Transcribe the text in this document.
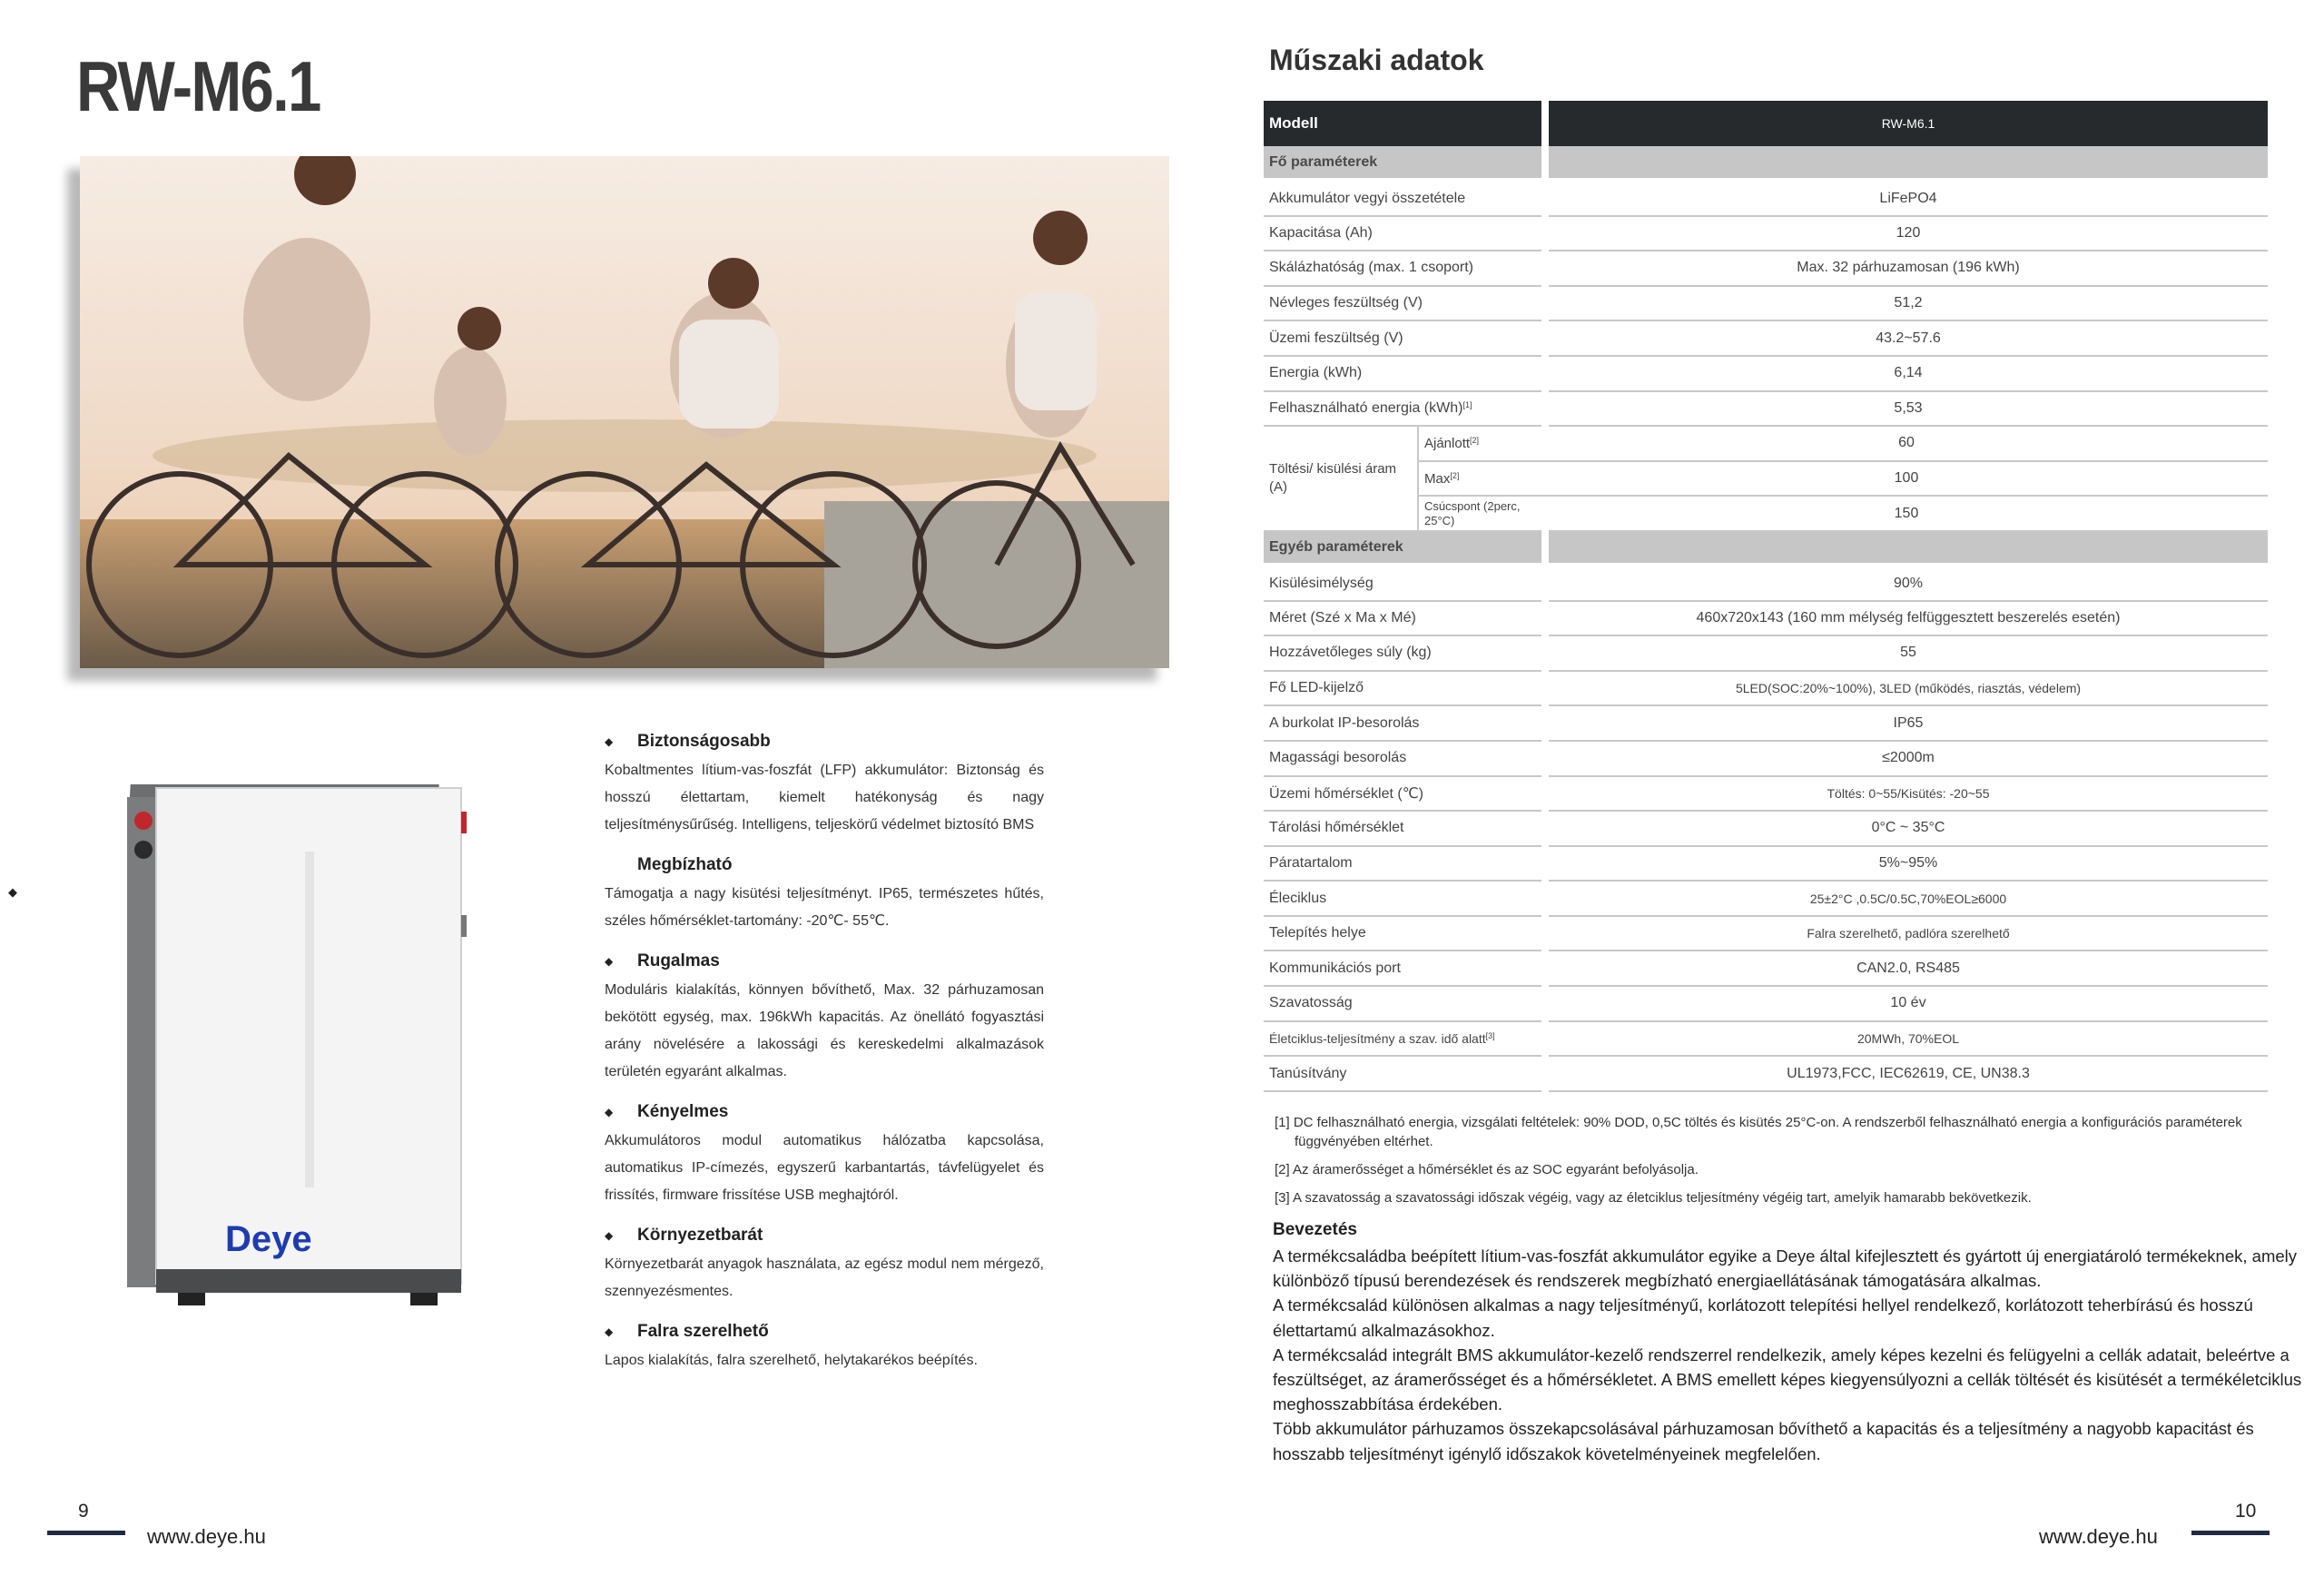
RW-M6.1
Deye
◆
◆ Biztonságosabb
Kobaltmentes lítium-vas-foszfát (LFP) akkumulátor: Biztonság és hosszú élettartam, kiemelt hatékonyság és nagy teljesítménysűrűség. Intelligens, teljeskörű védelmet biztosító BMS
Megbízható
Támogatja a nagy kisütési teljesítményt. IP65, természetes hűtés, széles hőmérséklet-tartomány: -20℃- 55℃.
◆ Rugalmas
Moduláris kialakítás, könnyen bővíthető, Max. 32 párhuzamosan bekötött egység, max. 196kWh kapacitás. Az önellátó fogyasztási arány növelésére a lakossági és kereskedelmi alkalmazások területén egyaránt alkalmas.
◆ Kényelmes
Akkumulátoros modul automatikus hálózatba kapcsolása, automatikus IP-címezés, egyszerű karbantartás, távfelügyelet és frissítés, firmware frissítése USB meghajtóról.
◆ Környezetbarát
Környezetbarát anyagok használata, az egész modul nem mérgező, szennyezésmentes.
◆ Falra szerelhető
Lapos kialakítás, falra szerelhető, helytakarékos beépítés.
9
www.deye.hu
Műszaki adatok
Modell		RW-M6.1
Fő paraméterek		
Akkumulátor vegyi összetétele		LiFePO4
Kapacitása (Ah)		120
Skálázhatóság (max. 1 csoport)		Max. 32 párhuzamosan (196 kWh)
Névleges feszültség (V)		51,2
Üzemi feszültség (V)		43.2~57.6
Energia (kWh)		6,14
Felhasználható energia (kWh)[1]		5,53
Töltési/ kisülési áram (A)	Ajánlott[2]	60
	Max[2]	100
	Csúcspont (2perc, 25°C)	150
Egyéb paraméterek		
Kisülésimélység		90%
Méret (Szé x Ma x Mé)		460x720x143 (160 mm mélység felfüggesztett beszerelés esetén)
Hozzávetőleges súly (kg)		55
Fő LED-kijelző		5LED(SOC:20%~100%), 3LED (működés, riasztás, védelem)
A burkolat IP-besorolás		IP65
Magassági besorolás		≤2000m
Üzemi hőmérséklet (℃)		Töltés: 0~55/Kisütés: -20~55
Tárolási hőmérséklet		0°C ~ 35°C
Páratartalom		5%~95%
Éleciklus		25±2°C ,0.5C/0.5C,70%EOL≥6000
Telepítés helye		Falra szerelhető, padlóra szerelhető
Kommunikációs port		CAN2.0, RS485
Szavatosság		10 év
Életciklus-teljesítmény a szav. idő alatt[3]		20MWh, 70%EOL
Tanúsítvány		UL1973,FCC, IEC62619, CE, UN38.3
[1] DC felhasználható energia, vizsgálati feltételek: 90% DOD, 0,5C töltés és kisütés 25°C-on. A rendszerből felhasználható energia a konfigurációs paraméterek függvényében eltérhet.
[2] Az áramerősséget a hőmérséklet és az SOC egyaránt befolyásolja.
[3] A szavatosság a szavatossági időszak végéig, vagy az életciklus teljesítmény végéig tart, amelyik hamarabb bekövetkezik.
Bevezetés

A termékcsaládba beépített lítium-vas-foszfát akkumulátor egyike a Deye által kifejlesztett és gyártott új energiatároló termékeknek, amely különböző típusú berendezések és rendszerek megbízható energiaellátásának támogatására alkalmas.

A termékcsalád különösen alkalmas a nagy teljesítményű, korlátozott telepítési hellyel rendelkező, korlátozott teherbírású és hosszú élettartamú alkalmazásokhoz.

A termékcsalád integrált BMS akkumulátor-kezelő rendszerrel rendelkezik, amely képes kezelni és felügyelni a cellák adatait, beleértve a feszültséget, az áramerősséget és a hőmérsékletet. A BMS emellett képes kiegyensúlyozni a cellák töltését és kisütését a termékéletciklus meghosszabbítása érdekében.

Több akkumulátor párhuzamos összekapcsolásával párhuzamosan bővíthető a kapacitás és a teljesítmény a nagyobb kapacitást és hosszabb teljesítményt igénylő időszakok követelményeinek megfelelően.

10
www.deye.hu
